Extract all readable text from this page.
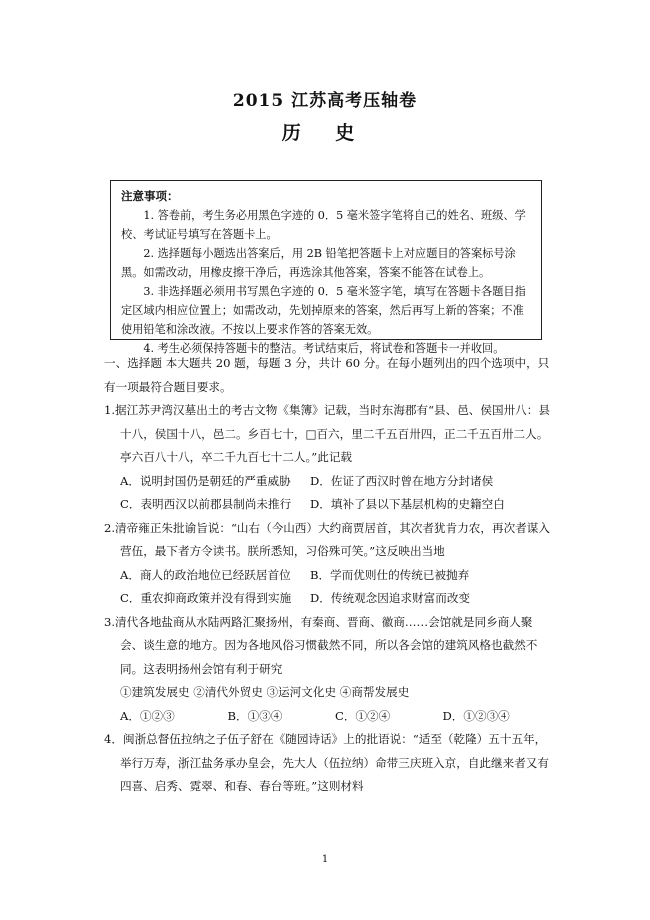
2015 江苏高考压轴卷
历 史
注意事项：

1. 答卷前，考生务必用黑色字迹的 0．5 毫米签字笔将自己的姓名、班级、学校、考试证号填写在答题卡上。

2. 选择题每小题选出答案后，用 2B 铅笔把答题卡上对应题目的答案标号涂黑。如需改动，用橡皮擦干净后，再选涂其他答案，答案不能答在试卷上。

3. 非选择题必须用书写黑色字迹的 0．5 毫米签字笔，填写在答题卡各题目指定区域内相应位置上；如需改动，先划掉原来的答案，然后再写上新的答案；不准使用铅笔和涂改液。不按以上要求作答的答案无效。

4. 考生必须保持答题卡的整洁。考试结束后，将试卷和答题卡一并收回。

一、选择题 本大题共 20 题，每题 3 分，共计 60 分。在每小题列出的四个选项中，只有一项最符合题目要求。

1.据江苏尹湾汉墓出土的考古文物《集簿》记载，当时东海郡有“县、邑、侯国卅八：县十八，侯国十八，邑二。乡百七十，□百六，里二千五百卅四，正二千五百卅二人。亭六百八十八，卒二千九百七十二人。”此记载

A．说明封国仍是朝廷的严重威胁	D．佐证了西汉时曾在地方分封诸侯
C．表明西汉以前郡县制尚未推行	D．填补了县以下基层机构的史籍空白

2.清帝雍正朱批谕旨说：“山右（今山西）大约商贾居首，其次者犹肯力农，再次者谋入营伍，最下者方令读书。朕所悉知，习俗殊可笑。”这反映出当地

A．商人的政治地位已经跃居首位	B．学而优则仕的传统已被抛弃
C．重农抑商政策并没有得到实施	D．传统观念因追求财富而改变

3.清代各地盐商从水陆两路汇聚扬州，有秦商、晋商、徽商……会馆就是同乡商人聚会、谈生意的地方。因为各地风俗习惯截然不同，所以各会馆的建筑风格也截然不同。这表明扬州会馆有利于研究

①建筑发展史 ②清代外贸史 ③运河文化史 ④商帮发展史
A．①②③	B．①③④	C．①②④	D．①②③④

4．闽浙总督伍拉纳之子伍子舒在《随园诗话》上的批语说：“适至（乾隆）五十五年，举行万寿，浙江盐务承办皇会，先大人（伍拉纳）命带三庆班入京，自此继来者又有四喜、启秀、霓翠、和春、春台等班。”这则材料

1
